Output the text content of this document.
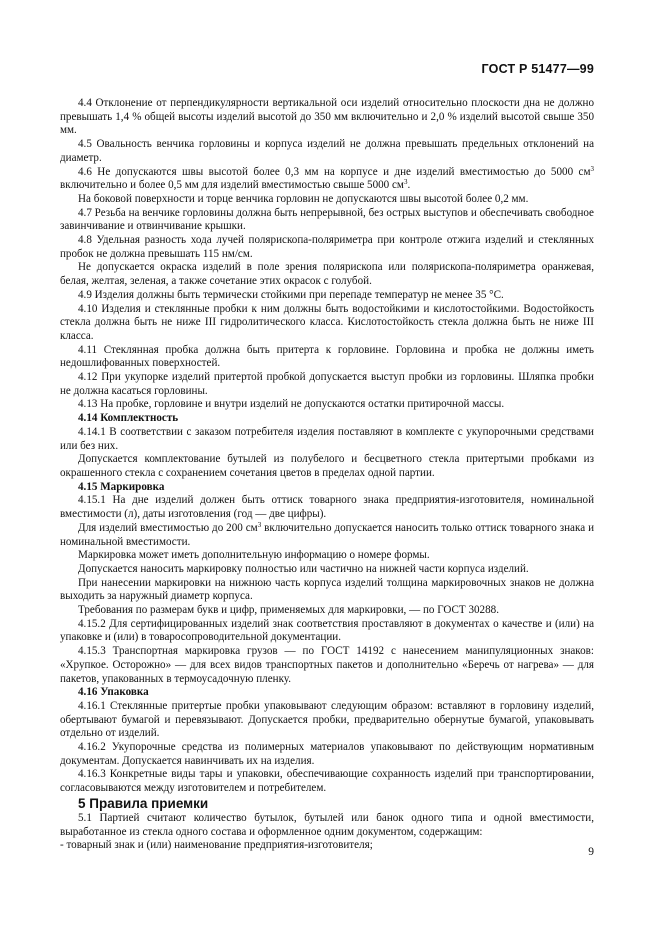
ГОСТ Р 51477—99

4.4 Отклонение от перпендикулярности вертикальной оси изделий относительно плоскости дна не должно превышать 1,4 % общей высоты изделий высотой до 350 мм включительно и 2,0 % изделий высотой свыше 350 мм.

4.5 Овальность венчика горловины и корпуса изделий не должна превышать предельных отклонений на диаметр.

4.6 Не допускаются швы высотой более 0,3 мм на корпусе и дне изделий вместимостью до 5000 $см^3$ включительно и более 0,5 мм для изделий вместимостью свыше 5000 $см^3$.

На боковой поверхности и торце венчика горловин не допускаются швы высотой более 0,2 мм.

4.7 Резьба на венчике горловины должна быть непрерывной, без острых выступов и обеспечивать свободное завинчивание и отвинчивание крышки.

4.8 Удельная разность хода лучей полярископа-поляриметра при контроле отжига изделий и стеклянных пробок не должна превышать 115 нм/см.

Не допускается окраска изделий в поле зрения полярископа или полярископа-поляриметра оранжевая, белая, желтая, зеленая, а также сочетание этих окрасок с голубой.

4.9 Изделия должны быть термически стойкими при перепаде температур не менее 35 °С.

4.10 Изделия и стеклянные пробки к ним должны быть водостойкими и кислотостойкими. Водостойкость стекла должна быть не ниже III гидролитического класса. Кислотостойкость стекла должна быть не ниже III класса.

4.11 Стеклянная пробка должна быть притерта к горловине. Горловина и пробка не должны иметь недошлифованных поверхностей.

4.12 При укупорке изделий притертой пробкой допускается выступ пробки из горловины. Шляпка пробки не должна касаться горловины.

4.13 На пробке, горловине и внутри изделий не допускаются остатки притирочной массы.

4.14 Комплектность

4.14.1 В соответствии с заказом потребителя изделия поставляют в комплекте с укупорочными средствами или без них.

Допускается комплектование бутылей из полубелого и бесцветного стекла притертыми пробками из окрашенного стекла с сохранением сочетания цветов в пределах одной партии.

4.15 Маркировка

4.15.1 На дне изделий должен быть оттиск товарного знака предприятия-изготовителя, номинальной вместимости (л), даты изготовления (год — две цифры).

Для изделий вместимостью до 200 $см^3$ включительно допускается наносить только оттиск товарного знака и номинальной вместимости.

Маркировка может иметь дополнительную информацию о номере формы.

Допускается наносить маркировку полностью или частично на нижней части корпуса изделий.

При нанесении маркировки на нижнюю часть корпуса изделий толщина маркировочных знаков не должна выходить за наружный диаметр корпуса.

Требования по размерам букв и цифр, применяемых для маркировки, — по ГОСТ 30288.

4.15.2 Для сертифицированных изделий знак соответствия проставляют в документах о качестве и (или) на упаковке и (или) в товаросопроводительной документации.

4.15.3 Транспортная маркировка грузов — по ГОСТ 14192 с нанесением манипуляционных знаков: «Хрупкое. Осторожно» — для всех видов транспортных пакетов и дополнительно «Беречь от нагрева» — для пакетов, упакованных в термоусадочную пленку.

4.16 Упаковка

4.16.1 Стеклянные притертые пробки упаковывают следующим образом: вставляют в горловину изделий, обертывают бумагой и перевязывают. Допускается пробки, предварительно обернутые бумагой, упаковывать отдельно от изделий.

4.16.2 Укупорочные средства из полимерных материалов упаковывают по действующим нормативным документам. Допускается навинчивать их на изделия.

4.16.3 Конкретные виды тары и упаковки, обеспечивающие сохранность изделий при транспортировании, согласовываются между изготовителем и потребителем.

5 Правила приемки

5.1 Партией считают количество бутылок, бутылей или банок одного типа и одной вместимости, выработанное из стекла одного состава и оформленное одним документом, содержащим:

- товарный знак и (или) наименование предприятия-изготовителя;

9
